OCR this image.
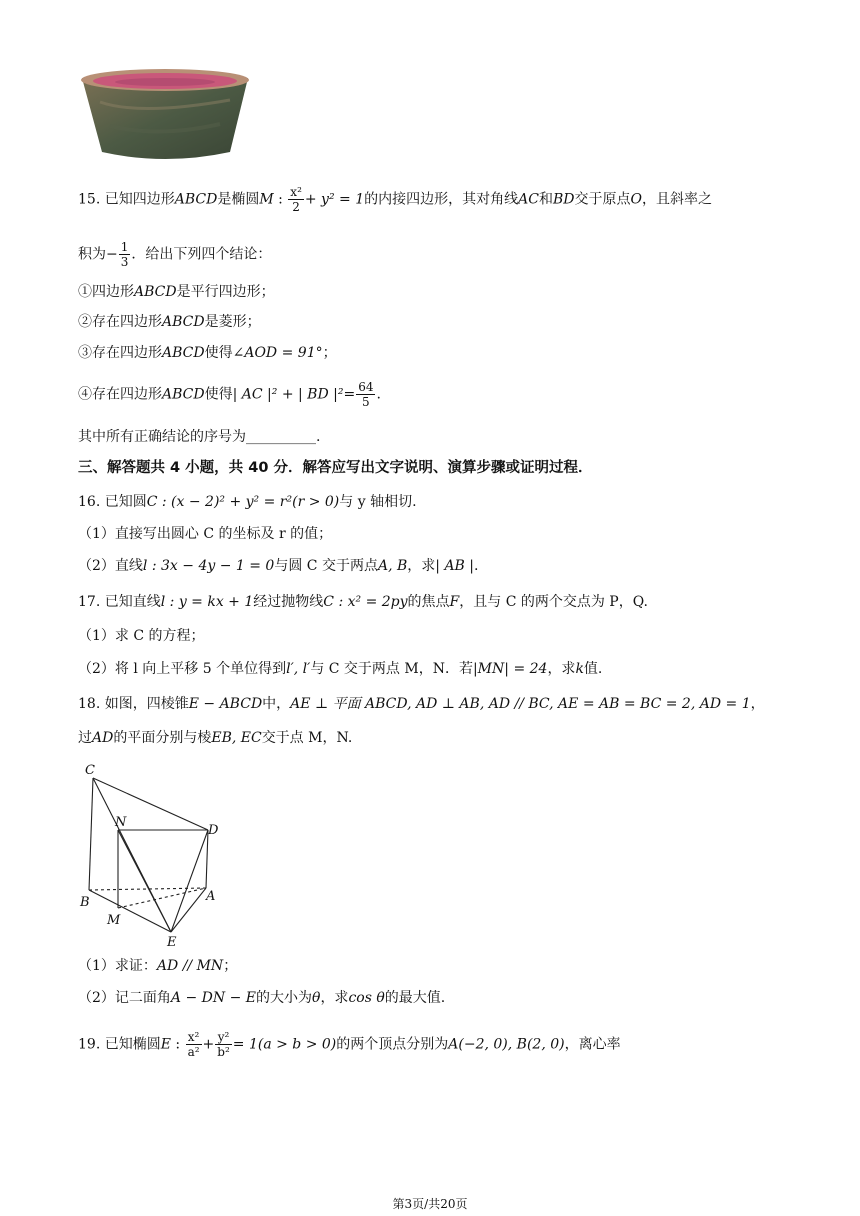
15. 已知四边形ABCD是椭圆M : $\frac{\text{x²}}{2} + y^2 = 1$的内接四边形，其对角线AC和BD交于原点O，且斜率之
积为− $\frac{1}{3}$ ．给出下列四个结论：
①四边形ABCD是平行四边形；
②存在四边形ABCD是菱形；
③存在四边形ABCD使得∠AOD = 91°；
④存在四边形ABCD使得| AC |² + | BD $|^2= \frac{64}{5}$ .
其中所有正确结论的序号为__________.
三、解答题共 4 小题，共 40 分．解答应写出文字说明、演算步骤或证明过程．
16. 已知圆C : (x − 2)² + y² = r²(r > 0)与 y 轴相切.
（1）直接写出圆心 C 的坐标及 r 的值；
（2）直线l : 3x − 4y − 1 = 0与圆 C 交于两点A, B，求| AB |.
17. 已知直线l : y = kx + 1经过抛物线C : x² = 2py的焦点F，且与 C 的两个交点为 P，Q.
（1）求 C 的方程；
（2）将 l 向上平移 5 个单位得到l′, l′与 C 交于两点 M，N．若|MN| = 24，求k值.
18. 如图，四棱锥E − ABCD中，AE ⊥ 平面 ABCD, AD ⊥ AB, AD // BC, AE = AB = BC = 2, AD = 1，
过AD的平面分别与棱EB, EC交于点 M，N.
C
N
D
B
M
A
E
（1）求证：AD // MN；
（2）记二面角A − DN − E的大小为θ，求cos θ的最大值.
19. 已知椭圆E : $\frac{\text{x²}}{\text{a²}} + \frac{\text{y²}}{\text{b²}} = 1(a > b > 0)$的两个顶点分别为A(−2, 0), B(2, 0)，离心率
第3页/共20页
